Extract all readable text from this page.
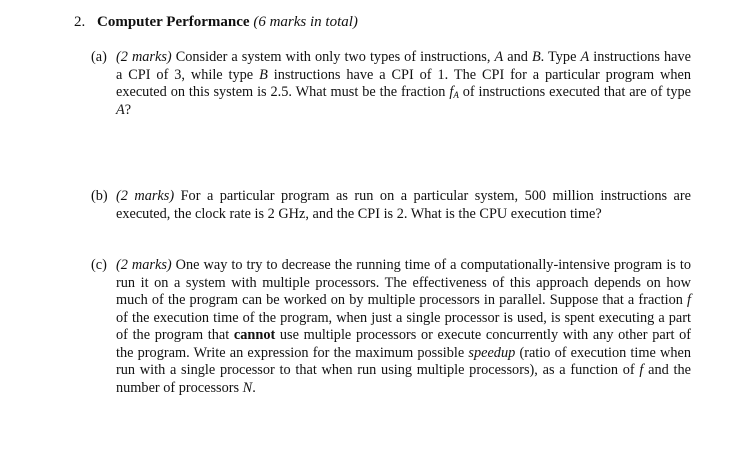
2. Computer Performance (6 marks in total)
(a) (2 marks) Consider a system with only two types of instructions, A and B. Type A instructions have a CPI of 3, while type B instructions have a CPI of 1. The CPI for a particular program when executed on this system is 2.5. What must be the fraction $f_A$ of instructions executed that are of type A?
(b) (2 marks) For a particular program as run on a particular system, 500 million instructions are executed, the clock rate is 2 GHz, and the CPI is 2. What is the CPU execution time?
(c) (2 marks) One way to try to decrease the running time of a computationally-intensive program is to run it on a system with multiple processors. The effectiveness of this approach depends on how much of the program can be worked on by multiple processors in parallel. Suppose that a fraction f of the execution time of the program, when just a single processor is used, is spent executing a part of the program that cannot use multiple processors or execute concurrently with any other part of the program. Write an expression for the maximum possible speedup (ratio of execution time when run with a single processor to that when run using multiple processors), as a function of f and the number of processors N.
